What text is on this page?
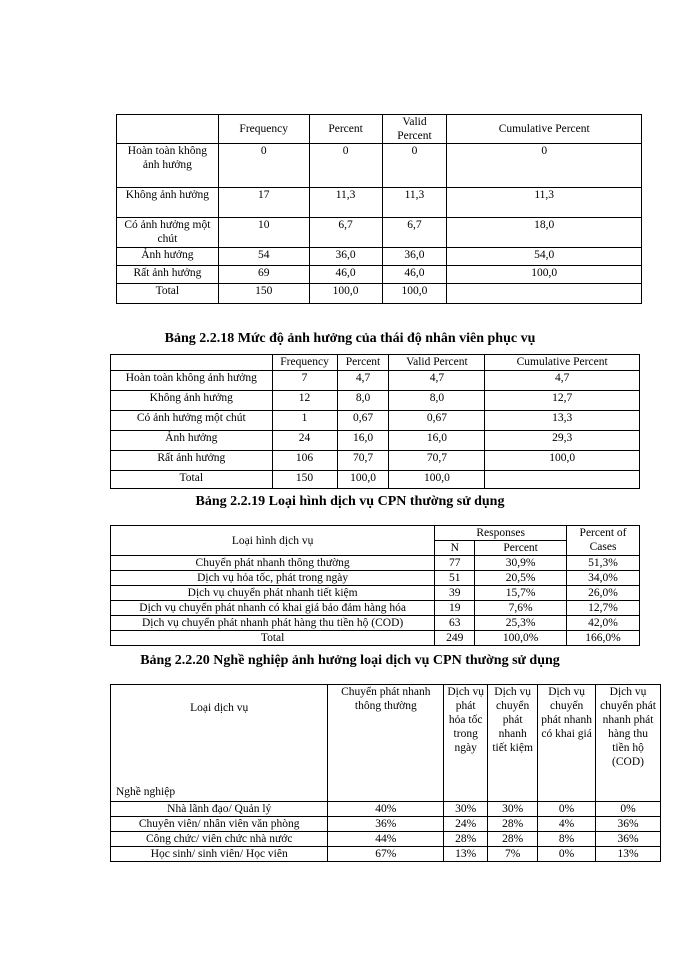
	Frequency	Percent	Valid Percent	Cumulative Percent
Hoàn toàn không ảnh hưởng	0	0	0	0
Không ảnh hưởng	17	11,3	11,3	11,3
Có ảnh hưởng một chút	10	6,7	6,7	18,0
Ảnh hưởng	54	36,0	36,0	54,0
Rất ảnh hưởng	69	46,0	46,0	100,0
Total	150	100,0	100,0	
Bảng 2.2.18 Mức độ ảnh hưởng của thái độ nhân viên phục vụ
	Frequency	Percent	Valid Percent	Cumulative Percent
Hoàn toàn không ảnh hưởng	7	4,7	4,7	4,7
Không ảnh hưởng	12	8,0	8,0	12,7
Có ảnh hưởng một chút	1	0,67	0,67	13,3
Ảnh hưởng	24	16,0	16,0	29,3
Rất ảnh hưởng	106	70,7	70,7	100,0
Total	150	100,0	100,0	
Bảng 2.2.19 Loại hình dịch vụ CPN thường sử dụng
Loại hình dịch vụ	Responses		Percent of Cases
	N	Percent	
Chuyển phát nhanh thông thường	77	30,9%	51,3%
Dịch vụ hỏa tốc, phát trong ngày	51	20,5%	34,0%
Dịch vụ chuyển phát nhanh tiết kiệm	39	15,7%	26,0%
Dịch vụ chuyển phát nhanh có khai giá bảo đảm hàng hóa	19	7,6%	12,7%
Dịch vụ chuyển phát nhanh phát hàng thu tiền hộ (COD)	63	25,3%	42,0%
Total	249	100,0%	166,0%
Bảng 2.2.20 Nghề nghiệp ảnh hưởng loại dịch vụ CPN thường sử dụng
Loại dịch vụ
Nghề nghiệp	Chuyển phát nhanh thông thường	Dịch vụ phát hỏa tốc trong ngày	Dịch vụ chuyển phát nhanh tiết kiệm	Dịch vụ chuyển phát nhanh có khai giá	Dịch vụ chuyển phát nhanh phát hàng thu tiền hộ (COD)
Nhà lãnh đạo/ Quản lý	40%	30%	30%	0%	0%
Chuyên viên/ nhân viên văn phòng	36%	24%	28%	4%	36%
Công chức/ viên chức nhà nước	44%	28%	28%	8%	36%
Học sinh/ sinh viên/ Học viên	67%	13%	7%	0%	13%
